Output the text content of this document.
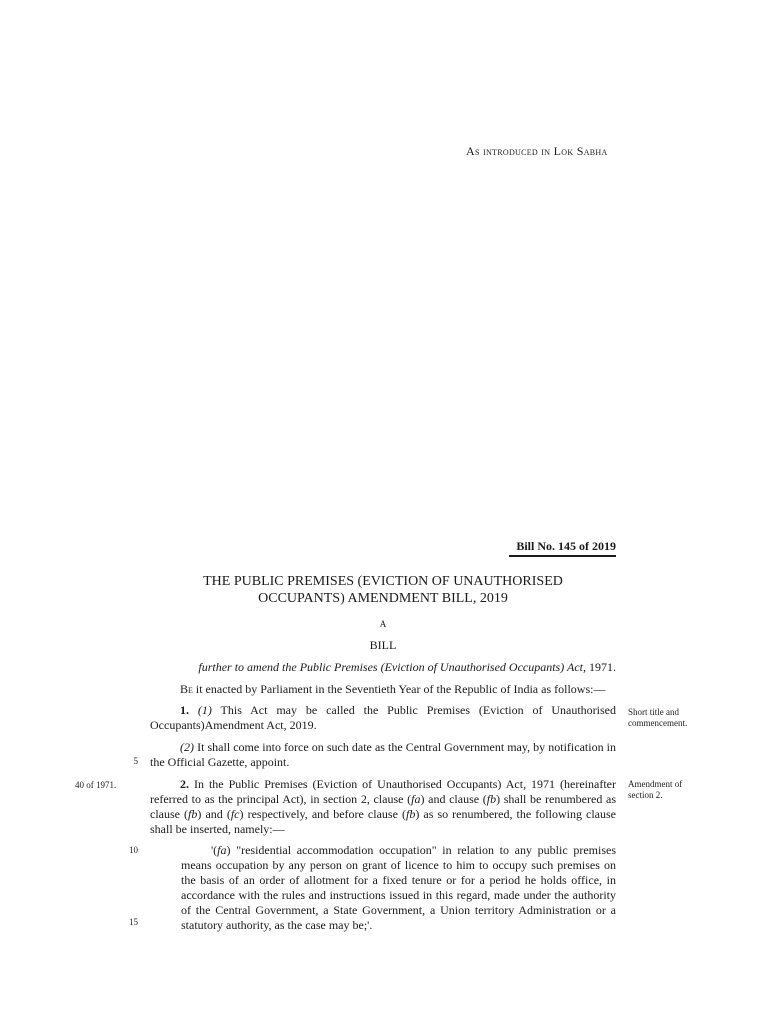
As introduced in Lok Sabha
Bill No. 145 of 2019
THE PUBLIC PREMISES (EVICTION OF UNAUTHORISED
OCCUPANTS) AMENDMENT BILL, 2019
A
BILL
further to amend the Public Premises (Eviction of Unauthorised Occupants) Act, 1971.
Be it enacted by Parliament in the Seventieth Year of the Republic of India as follows:—
1. (1) This Act may be called the Public Premises (Eviction of Unauthorised Occupants)Amendment Act, 2019.
(2) It shall come into force on such date as the Central Government may, by notification in the Official Gazette, appoint.
2. In the Public Premises (Eviction of Unauthorised Occupants) Act, 1971 (hereinafter referred to as the principal Act), in section 2, clause (fa) and clause (fb) shall be renumbered as clause (fb) and (fc) respectively, and before clause (fb) as so renumbered, the following clause shall be inserted, namely:—
'(fa) "residential accommodation occupation" in relation to any public premises means occupation by any person on grant of licence to him to occupy such premises on the basis of an order of allotment for a fixed tenure or for a period he holds office, in accordance with the rules and instructions issued in this regard, made under the authority of the Central Government, a State Government, a Union territory Administration or a statutory authority, as the case may be;'.
Short title and commencement.
Amendment of section 2.
40 of 1971.
5
10
15
